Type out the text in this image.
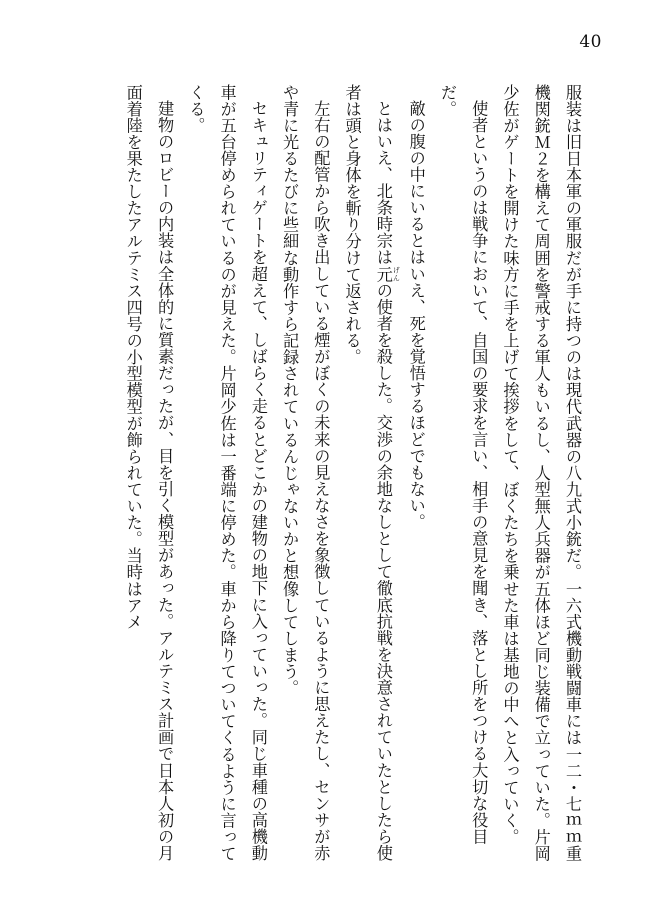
40

服装は旧日本軍の軍服だが手に持つのは現代武器の八九式小銃だ。一六式機動戦闘車には一二・七ｍｍ重機関銃Ｍ２を構えて周囲を警戒する軍人もいるし、人型無人兵器が五体ほど同じ装備で立っていた。片岡少佐がゲートを開けた味方に手を上げて挨拶をして、ぼくたちを乗せた車は基地の中へと入っていく。

使者というのは戦争において、自国の要求を言い、相手の意見を聞き、落とし所をつける大切な役目だ。

敵の腹の中にいるとはいえ、死を覚悟するほどでもない。

とはいえ、北条時宗は元 げんの使者を殺した。交渉の余地なしとして徹底抗戦を決意されていたとしたら使者は頭と身体を斬り分けて返される。

左右の配管から吹き出している煙がぼくの未来の見えなさを象徴しているように思えたし、センサが赤や青に光るたびに些細な動作すら記録されているんじゃないかと想像してしまう。

セキュリティゲートを超えて、しばらく走るとどこかの建物の地下に入っていった。同じ車種の高機動車が五台停められているのが見えた。片岡少佐は一番端に停めた。車から降りてついてくるように言ってくる。

建物のロビーの内装は全体的に質素だったが、目を引く模型があった。アルテミス計画で日本人初の月面着陸を果たしたアルテミス四号の小型模型が飾られていた。当時はアメ
